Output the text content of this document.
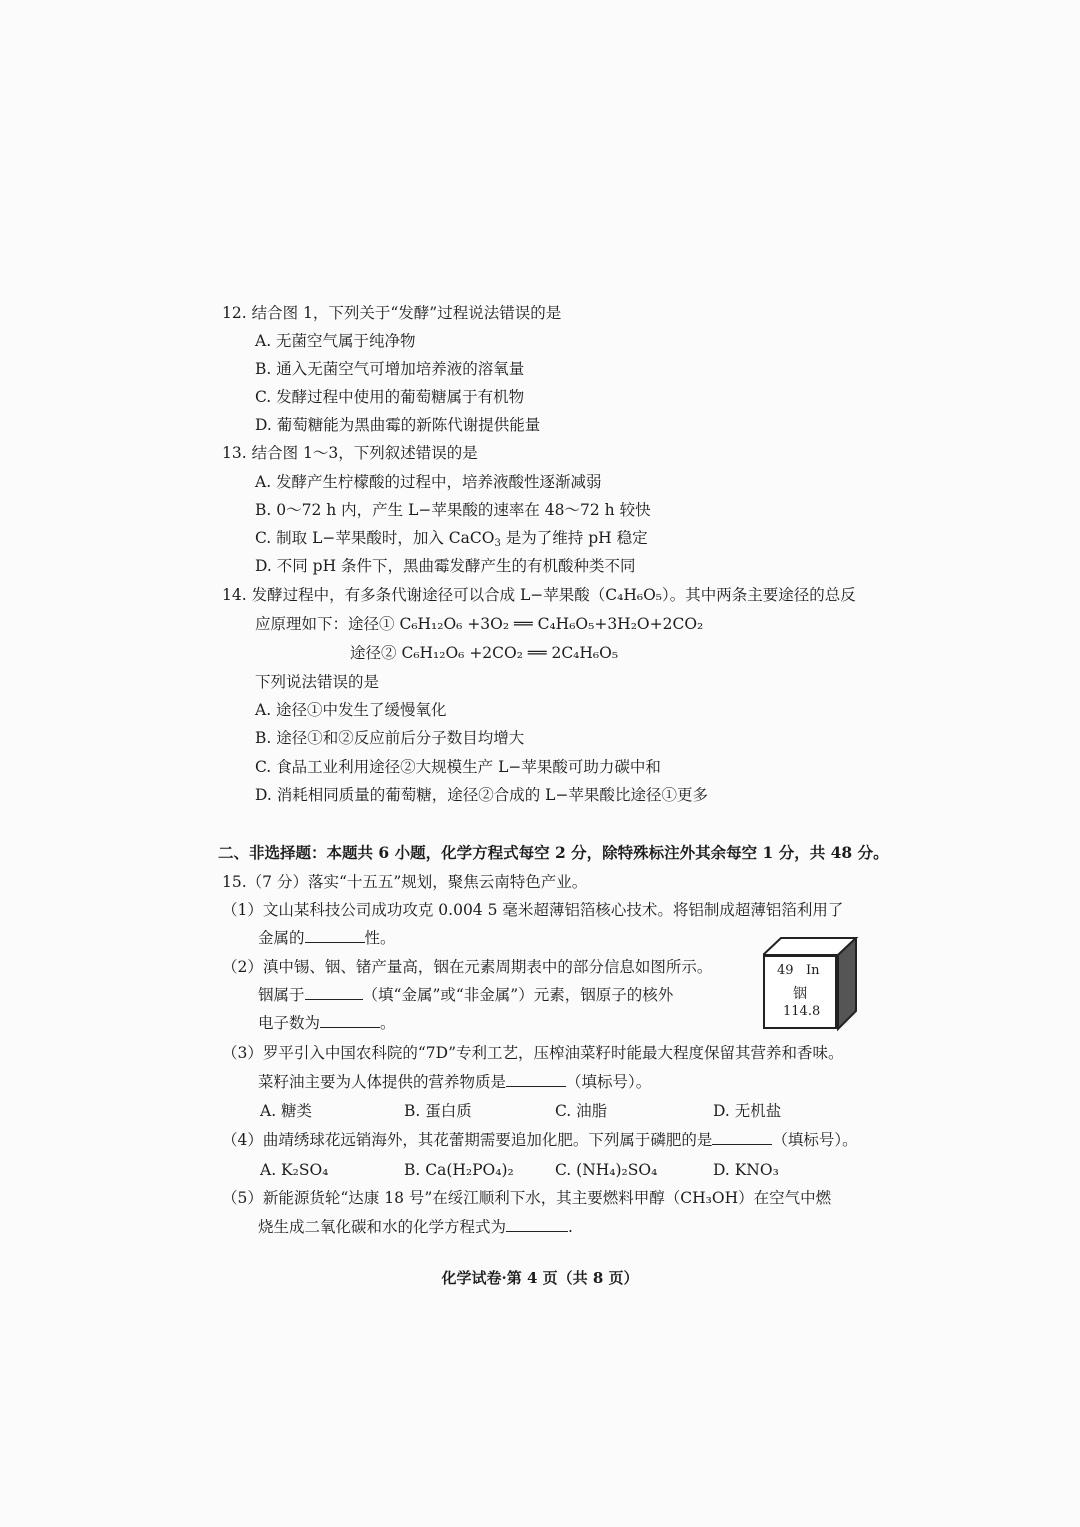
12. 结合图 1，下列关于“发酵”过程说法错误的是
A. 无菌空气属于纯净物
B. 通入无菌空气可增加培养液的溶氧量
C. 发酵过程中使用的葡萄糖属于有机物
D. 葡萄糖能为黑曲霉的新陈代谢提供能量
13. 结合图 1～3，下列叙述错误的是
A. 发酵产生柠檬酸的过程中，培养液酸性逐渐减弱
B. 0～72 h 内，产生 L−苹果酸的速率在 48～72 h 较快
C. 制取 L−苹果酸时，加入 CaCO$_3$ 是为了维持 pH 稳定
D. 不同 pH 条件下，黑曲霉发酵产生的有机酸种类不同
14. 发酵过程中，有多条代谢途径可以合成 L−苹果酸（C₄H₆O₅）。其中两条主要途径的总反
应原理如下：途径① C₆H₁₂O₆ +3O₂ ══ C₄H₆O₅+3H₂O+2CO₂
途径② C₆H₁₂O₆ +2CO₂ ══ 2C₄H₆O₅
下列说法错误的是
A. 途径①中发生了缓慢氧化
B. 途径①和②反应前后分子数目均增大
C. 食品工业利用途径②大规模生产 L−苹果酸可助力碳中和
D. 消耗相同质量的葡萄糖，途径②合成的 L−苹果酸比途径①更多
二、非选择题：本题共 6 小题，化学方程式每空 2 分，除特殊标注外其余每空 1 分，共 48 分。
15.（7 分）落实“十五五”规划，聚焦云南特色产业。
（1）文山某科技公司成功攻克 0.004 5 毫米超薄铝箔核心技术。将铝制成超薄铝箔利用了
金属的	性。
（2）滇中锡、铟、锗产量高，铟在元素周期表中的部分信息如图所示。
铟属于	（填“金属”或“非金属”）元素，铟原子的核外
电子数为	。
49 In
铟
114.8
（3）罗平引入中国农科院的“7D”专利工艺，压榨油菜籽时能最大程度保留其营养和香味。
菜籽油主要为人体提供的营养物质是	（填标号）。
A. 糖类	B. 蛋白质	C. 油脂	D. 无机盐
（4）曲靖绣球花远销海外，其花蕾期需要追加化肥。下列属于磷肥的是	（填标号）。
A. K₂SO₄	B. Ca(H₂PO₄)₂	C. (NH₄)₂SO₄	D. KNO₃
（5）新能源货轮“达康 18 号”在绥江顺利下水，其主要燃料甲醇（CH₃OH）在空气中燃
烧生成二氧化碳和水的化学方程式为	.
化学试卷·第 4 页（共 8 页）
